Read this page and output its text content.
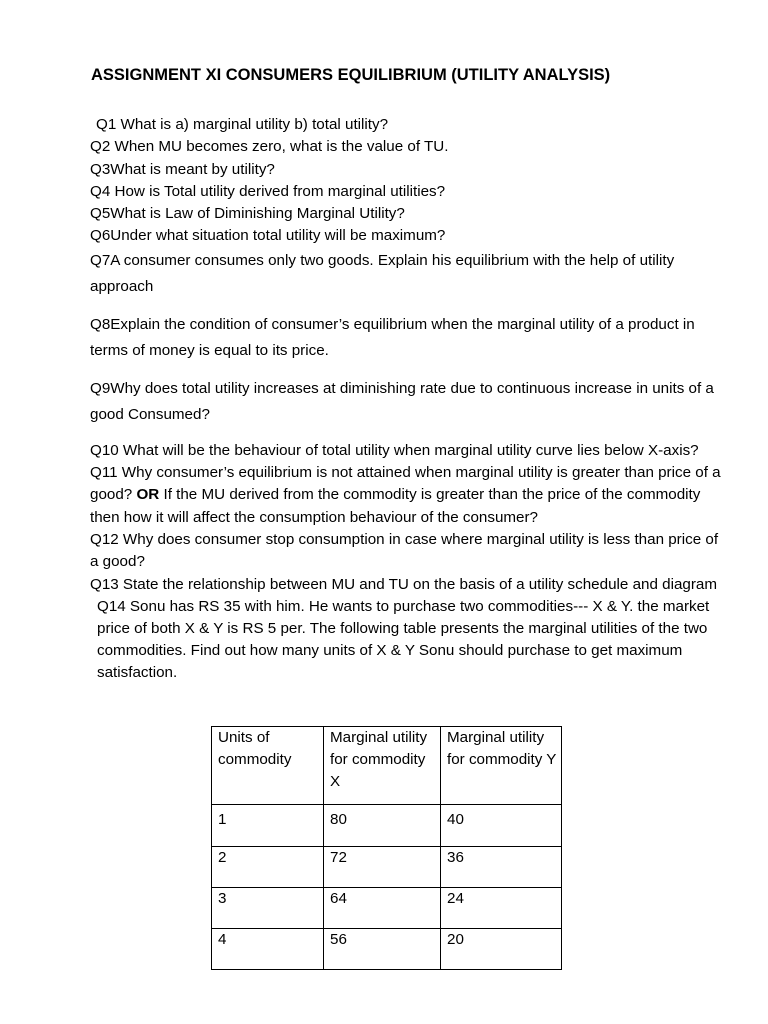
ASSIGNMENT XI CONSUMERS EQUILIBRIUM (UTILITY ANALYSIS)

Q1 What is a) marginal utility b) total utility?

Q2 When MU becomes zero, what is the value of TU.

Q3What is meant by utility?

Q4 How is Total utility derived from marginal utilities?

Q5What is Law of Diminishing Marginal Utility?

Q6Under what situation total utility will be maximum?

Q7A consumer consumes only two goods. Explain his equilibrium with the help of utility approach

Q8Explain the condition of consumer’s equilibrium when the marginal utility of a product in terms of money is equal to its price.

Q9Why does total utility increases at diminishing rate due to continuous increase in units of a good Consumed?

Q10 What will be the behaviour of total utility when marginal utility curve lies below X-axis?

Q11 Why consumer’s equilibrium is not attained when marginal utility is greater than price of a good? OR If the MU derived from the commodity is greater than the price of the commodity then how it will affect the consumption behaviour of the consumer?

Q12 Why does consumer stop consumption in case where marginal utility is less than price of a good?

Q13 State the relationship between MU and TU on the basis of a utility schedule and diagram

Q14 Sonu has RS 35 with him. He wants to purchase two commodities--- X & Y. the market price of both X & Y is RS 5 per. The following table presents the marginal utilities of the two commodities. Find out how many units of X & Y Sonu should purchase to get maximum satisfaction.

Units of commodity	Marginal utility for commodity X	Marginal utility for commodity Y
1	80	40
2	72	36
3	64	24
4	56	20
